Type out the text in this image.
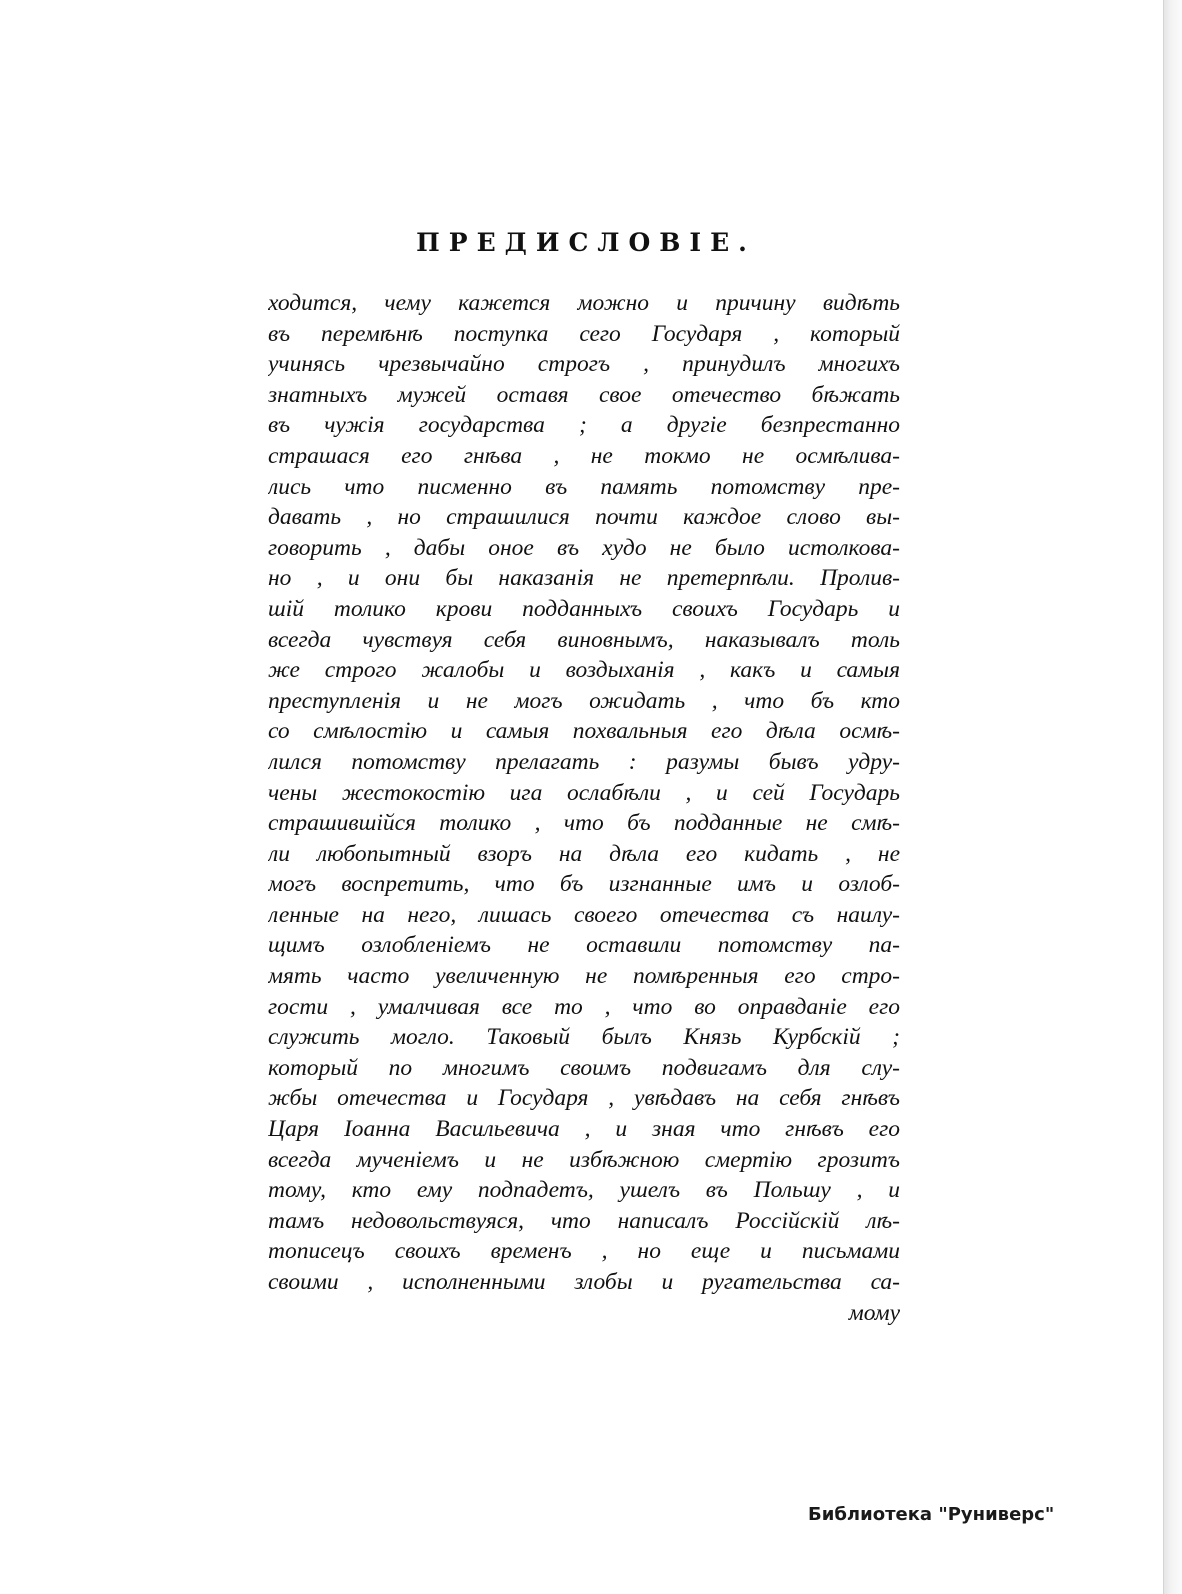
ПРЕДИСЛОВІЕ.
ходится, чему кажется можно и причину видѣть
въ перемѣнѣ поступка сего Государя , который
учинясь чрезвычайно строгъ , принудилъ многихъ
знатныхъ мужей оставя свое отечество бѣжать
въ чужія государства ; а другіе безпрестанно
страшася его гнѣва , не токмо не осмѣлива-
лись что писменно въ память потомству пре-
давать , но страшилися почти каждое слово вы-
говорить , дабы оное въ худо не было истолкова-
но , и они бы наказанія не претерпѣли. Пролив-
шій толико крови подданныхъ своихъ Государь и
всегда чувствуя себя виновнымъ, наказывалъ толь
же строго жалобы и воздыханія , какъ и самыя
преступленія и не могъ ожидать , что бъ кто
со смѣлостію и самыя похвальныя его дѣла осмѣ-
лился потомству прелагать : разумы бывъ удру-
чены жестокостію ига ослабѣли , и сей Государь
страшившійся толико , что бъ подданные не смѣ-
ли любопытный взоръ на дѣла его кидать , не
могъ воспретить, что бъ изгнанные имъ и озлоб-
ленные на него, лишась своего отечества съ наилу-
щимъ озлобленіемъ не оставили потомству па-
мять часто увеличенную не помѣренныя его стро-
гости , умалчивая все то , что во оправданіе его
служить могло. Таковый былъ Князь Курбскій ;
который по многимъ своимъ подвигамъ для слу-
жбы отечества и Государя , увѣдавъ на себя гнѣвъ
Царя Іоанна Васильевича , и зная что гнѣвъ его
всегда мученіемъ и не избѣжною смертію грозитъ
тому, кто ему подпадетъ, ушелъ въ Польшу , и
тамъ недовольствуяся, что написалъ Россійскій лѣ-
тописецъ своихъ временъ , но еще и письмами
своими , исполненными злобы и ругательства са-
мому
Библиотека "Руниверс"
